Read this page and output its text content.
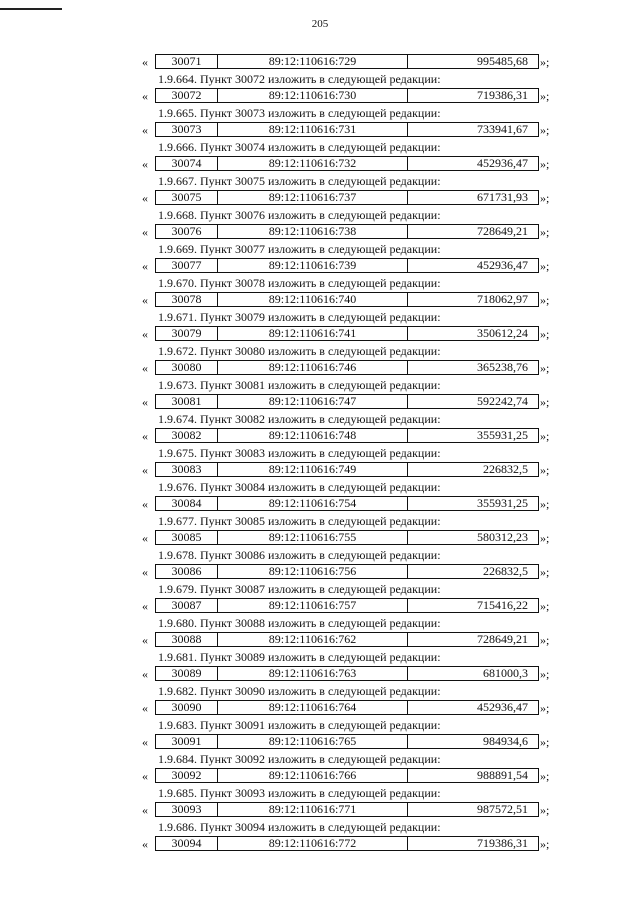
205
«	30071	89:12:110616:729	995485,68	»;
1.9.664. Пункт 30072 изложить в следующей редакции:
«	30072	89:12:110616:730	719386,31	»;
1.9.665. Пункт 30073 изложить в следующей редакции:
«	30073	89:12:110616:731	733941,67	»;
1.9.666. Пункт 30074 изложить в следующей редакции:
«	30074	89:12:110616:732	452936,47	»;
1.9.667. Пункт 30075 изложить в следующей редакции:
«	30075	89:12:110616:737	671731,93	»;
1.9.668. Пункт 30076 изложить в следующей редакции:
«	30076	89:12:110616:738	728649,21	»;
1.9.669. Пункт 30077 изложить в следующей редакции:
«	30077	89:12:110616:739	452936,47	»;
1.9.670. Пункт 30078 изложить в следующей редакции:
«	30078	89:12:110616:740	718062,97	»;
1.9.671. Пункт 30079 изложить в следующей редакции:
«	30079	89:12:110616:741	350612,24	»;
1.9.672. Пункт 30080 изложить в следующей редакции:
«	30080	89:12:110616:746	365238,76	»;
1.9.673. Пункт 30081 изложить в следующей редакции:
«	30081	89:12:110616:747	592242,74	»;
1.9.674. Пункт 30082 изложить в следующей редакции:
«	30082	89:12:110616:748	355931,25	»;
1.9.675. Пункт 30083 изложить в следующей редакции:
«	30083	89:12:110616:749	226832,5	»;
1.9.676. Пункт 30084 изложить в следующей редакции:
«	30084	89:12:110616:754	355931,25	»;
1.9.677. Пункт 30085 изложить в следующей редакции:
«	30085	89:12:110616:755	580312,23	»;
1.9.678. Пункт 30086 изложить в следующей редакции:
«	30086	89:12:110616:756	226832,5	»;
1.9.679. Пункт 30087 изложить в следующей редакции:
«	30087	89:12:110616:757	715416,22	»;
1.9.680. Пункт 30088 изложить в следующей редакции:
«	30088	89:12:110616:762	728649,21	»;
1.9.681. Пункт 30089 изложить в следующей редакции:
«	30089	89:12:110616:763	681000,3	»;
1.9.682. Пункт 30090 изложить в следующей редакции:
«	30090	89:12:110616:764	452936,47	»;
1.9.683. Пункт 30091 изложить в следующей редакции:
«	30091	89:12:110616:765	984934,6	»;
1.9.684. Пункт 30092 изложить в следующей редакции:
«	30092	89:12:110616:766	988891,54	»;
1.9.685. Пункт 30093 изложить в следующей редакции:
«	30093	89:12:110616:771	987572,51	»;
1.9.686. Пункт 30094 изложить в следующей редакции:
«	30094	89:12:110616:772	719386,31	»;
